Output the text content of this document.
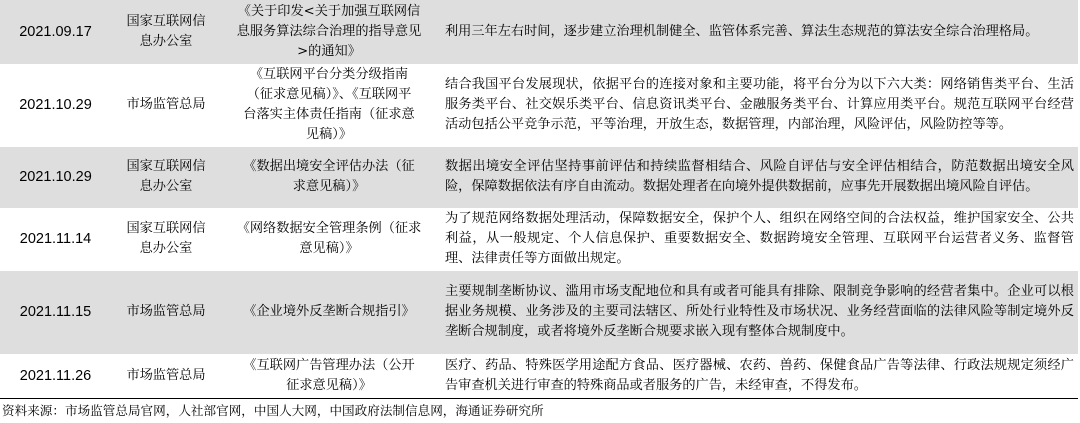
2021.09.17	国家互联网信息办公室	《关于印发<关于加强互联网信息服务算法综合治理的指导意见>的通知》	利用三年左右时间，逐步建立治理机制健全、监管体系完善、算法生态规范的算法安全综合治理格局。

2021.10.29	市场监管总局	《互联网平台分类分级指南（征求意见稿）》、《互联网平台落实主体责任指南（征求意见稿）》	结合我国平台发展现状，依据平台的连接对象和主要功能，将平台分为以下六大类：网络销售类平台、生活服务类平台、社交娱乐类平台、信息资讯类平台、金融服务类平台、计算应用类平台。规范互联网平台经营活动包括公平竞争示范，平等治理，开放生态，数据管理，内部治理，风险评估，风险防控等等。

2021.10.29	国家互联网信息办公室	《数据出境安全评估办法（征求意见稿）》	数据出境安全评估坚持事前评估和持续监督相结合、风险自评估与安全评估相结合，防范数据出境安全风险，保障数据依法有序自由流动。数据处理者在向境外提供数据前，应事先开展数据出境风险自评估。

2021.11.14	国家互联网信息办公室	《网络数据安全管理条例（征求意见稿）》	为了规范网络数据处理活动，保障数据安全，保护个人、组织在网络空间的合法权益，维护国家安全、公共利益，从一般规定、个人信息保护、重要数据安全、数据跨境安全管理、互联网平台运营者义务、监督管理、法律责任等方面做出规定。

2021.11.15	市场监管总局	《企业境外反垄断合规指引》	主要规制垄断协议、滥用市场支配地位和具有或者可能具有排除、限制竞争影响的经营者集中。企业可以根据业务规模、业务涉及的主要司法辖区、所处行业特性及市场状况、业务经营面临的法律风险等制定境外反垄断合规制度，或者将境外反垄断合规要求嵌入现有整体合规制度中。

2021.11.26	市场监管总局	《互联网广告管理办法（公开征求意见稿）》	医疗、药品、特殊医学用途配方食品、医疗器械、农药、兽药、保健食品广告等法律、行政法规规定须经广告审查机关进行审查的特殊商品或者服务的广告，未经审查，不得发布。
资料来源：市场监管总局官网，人社部官网，中国人大网，中国政府法制信息网，海通证券研究所
